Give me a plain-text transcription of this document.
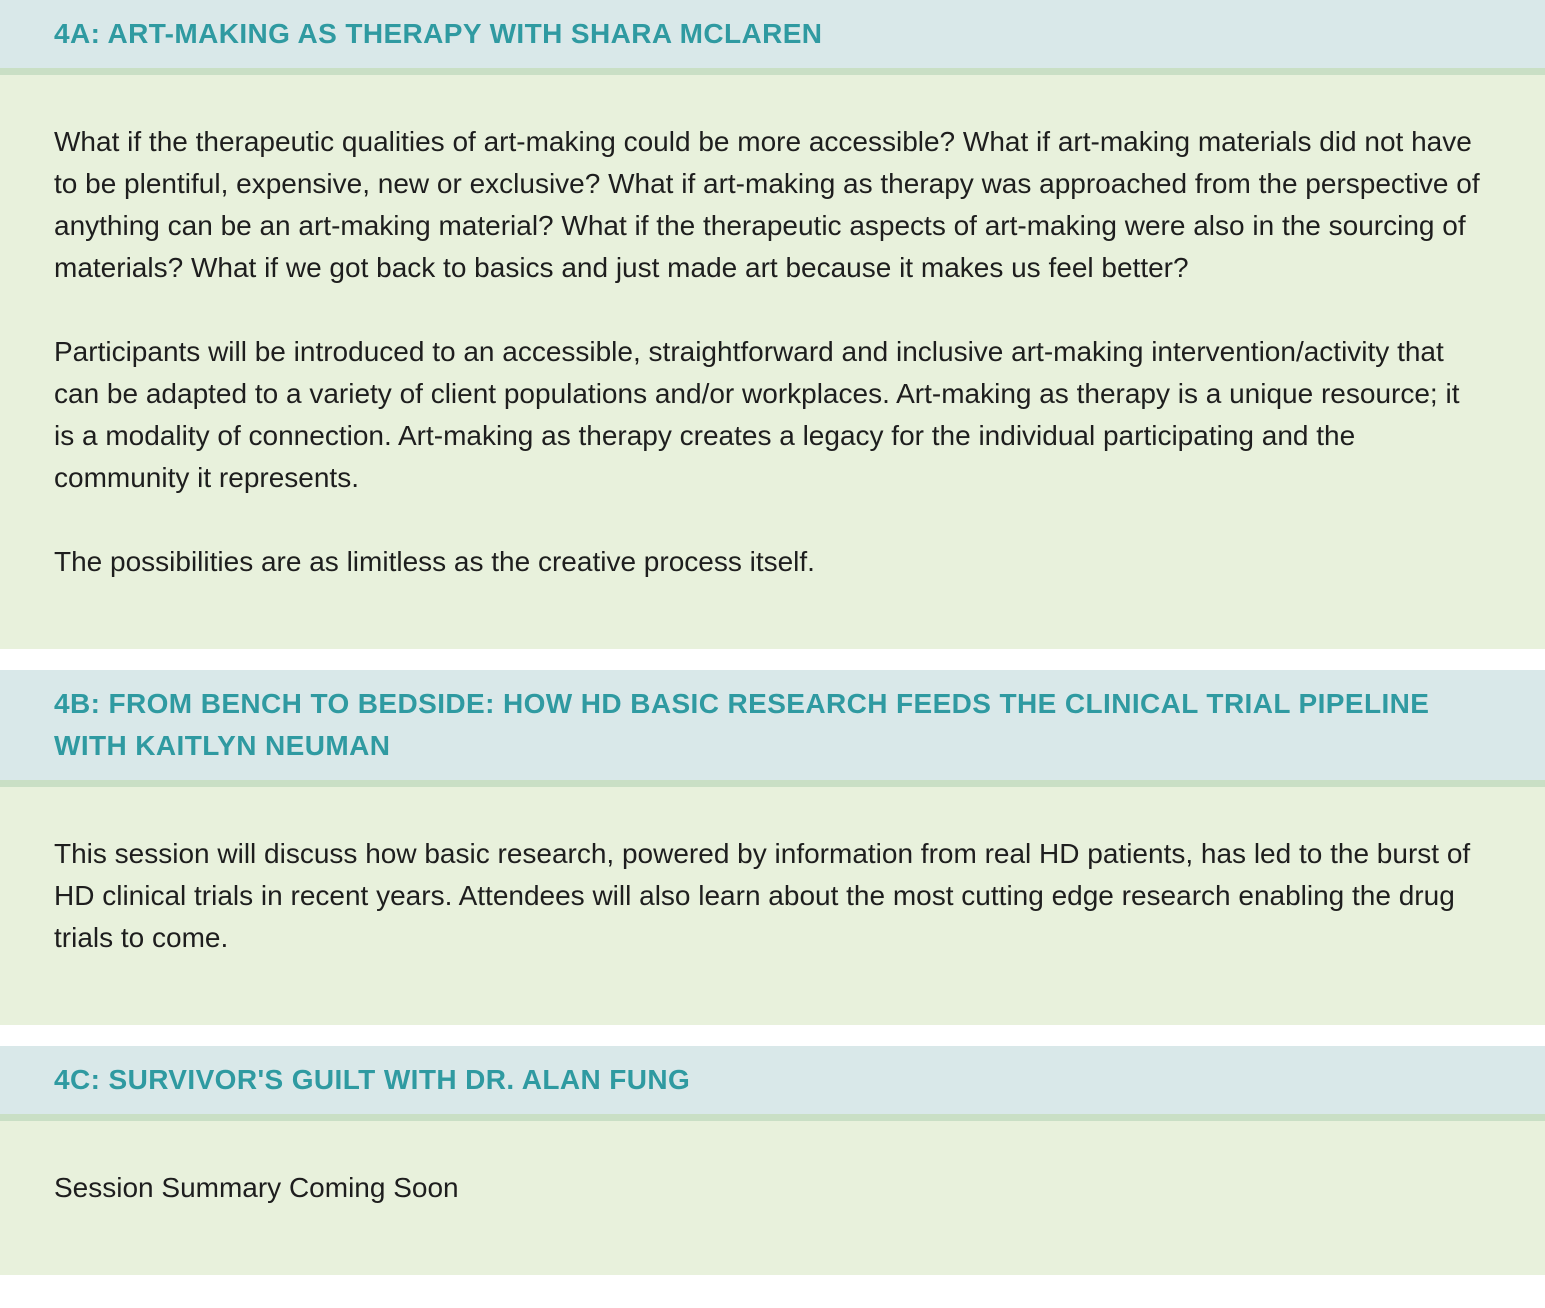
4A: ART-MAKING AS THERAPY WITH SHARA MCLAREN

What if the therapeutic qualities of art-making could be more accessible? What if art-making materials did not have to be plentiful, expensive, new or exclusive? What if art-making as therapy was approached from the perspective of anything can be an art-making material? What if the therapeutic aspects of art-making were also in the sourcing of materials? What if we got back to basics and just made art because it makes us feel better?

Participants will be introduced to an accessible, straightforward and inclusive art-making intervention/activity that can be adapted to a variety of client populations and/or workplaces. Art-making as therapy is a unique resource; it is a modality of connection. Art-making as therapy creates a legacy for the individual participating and the community it represents.

The possibilities are as limitless as the creative process itself.

4B: FROM BENCH TO BEDSIDE: HOW HD BASIC RESEARCH FEEDS THE CLINICAL TRIAL PIPELINE WITH KAITLYN NEUMAN

This session will discuss how basic research, powered by information from real HD patients, has led to the burst of HD clinical trials in recent years. Attendees will also learn about the most cutting edge research enabling the drug trials to come.

4C: SURVIVOR'S GUILT WITH DR. ALAN FUNG

Session Summary Coming Soon
